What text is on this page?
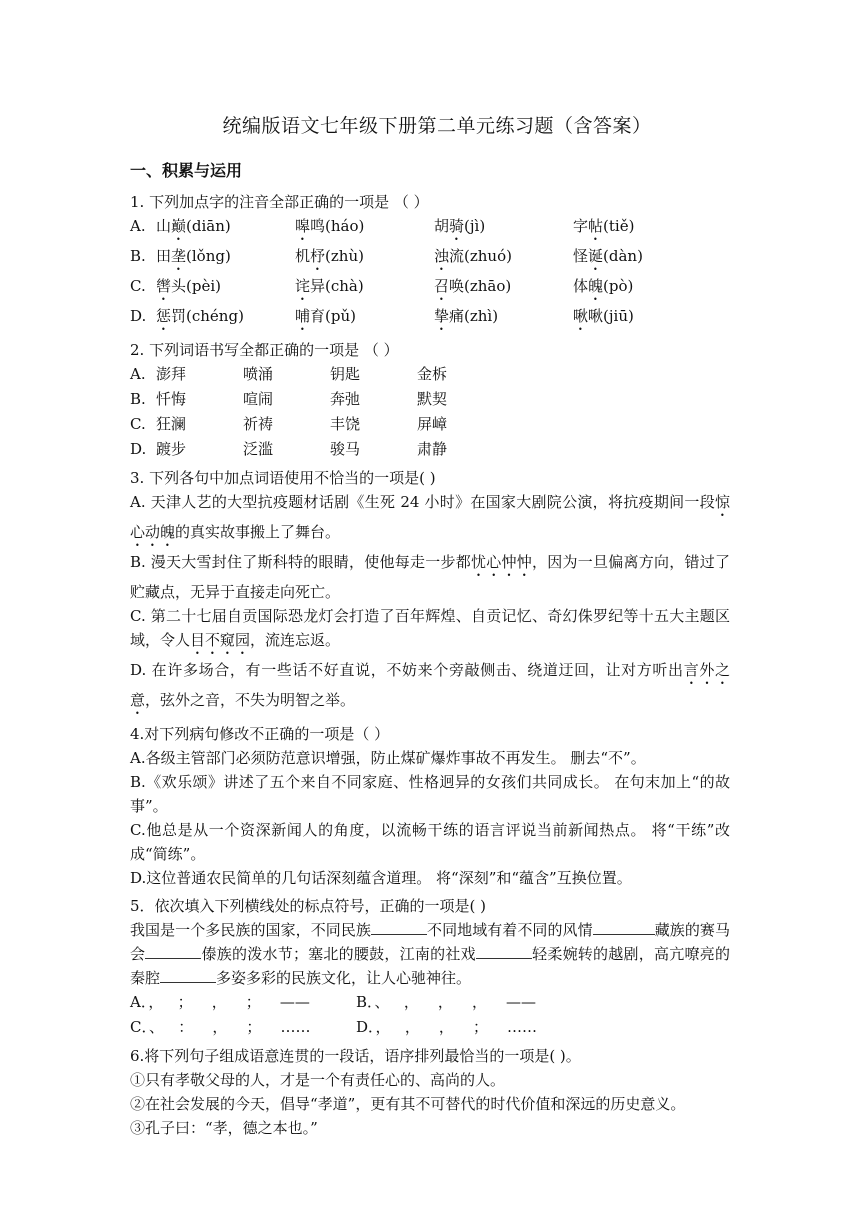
统编版语文七年级下册第二单元练习题（含答案）
一、积累与运用

1. 下列加点字的注音全部正确的一项是 （ ）

A. 山巅(diān)	嗥鸣(háo)	胡骑(jì)	字帖(tiě)
B. 田垄(lǒng)	机杼(zhù)	浊流(zhuó)	怪诞(dàn)
C. 辔头(pèi)	诧异(chà)	召唤(zhāo)	体魄(pò)
D. 惩罚(chéng)	哺育(pǔ)	挚痛(zhì)	啾啾(jiū)

2. 下列词语书写全都正确的一项是 （ ）

A. 澎拜	喷涌	钥匙	金柝
B. 忏悔	喧闹	奔弛	默契
C. 狂澜	祈祷	丰饶	屏嶂
D. 踱步	泛滥	骏马	肃静

3. 下列各句中加点词语使用不恰当的一项是( )

A. 天津人艺的大型抗疫题材话剧《生死 24 小时》在国家大剧院公演，将抗疫期间一段惊心动魄的真实故事搬上了舞台。

B. 漫天大雪封住了斯科特的眼睛，使他每走一步都忧心忡忡，因为一旦偏离方向，错过了贮藏点，无异于直接走向死亡。

C. 第二十七届自贡国际恐龙灯会打造了百年辉煌、自贡记忆、奇幻侏罗纪等十五大主题区域，令人目不窥园，流连忘返。

D. 在许多场合，有一些话不好直说，不妨来个旁敲侧击、绕道迂回，让对方听出言外之意，弦外之音，不失为明智之举。

4.对下列病句修改不正确的一项是（ ）

A.各级主管部门必须防范意识增强，防止煤矿爆炸事故不再发生。 删去“不”。

B.《欢乐颂》讲述了五个来自不同家庭、性格迥异的女孩们共同成长。 在句末加上“的故事”。

C.他总是从一个资深新闻人的角度，以流畅干练的语言评说当前新闻热点。 将“干练”改成“简练”。

D.这位普通农民简单的几句话深刻蕴含道理。 将“深刻”和“蕴含”互换位置。

5．依次填入下列横线处的标点符号，正确的一项是( )

我国是一个多民族的国家，不同民族	不同地域有着不同的风情	藏族的赛马会	傣族的泼水节；塞北的腰鼓，江南的社戏	轻柔婉转的越剧，高亢嘹亮的秦腔	多姿多彩的民族文化，让人心驰神往。

A．，   ；    ，    ；    ——	B．、   ，    ，    ，    ——
C．、   ：    ，    ；    ……	D．，   ，    ，    ；    ……

6.将下列句子组成语意连贯的一段话，语序排列最恰当的一项是( )。

①只有孝敬父母的人，才是一个有责任心的、高尚的人。

②在社会发展的今天，倡导“孝道”，更有其不可替代的时代价值和深远的历史意义。

③孔子曰：“孝，德之本也。”
